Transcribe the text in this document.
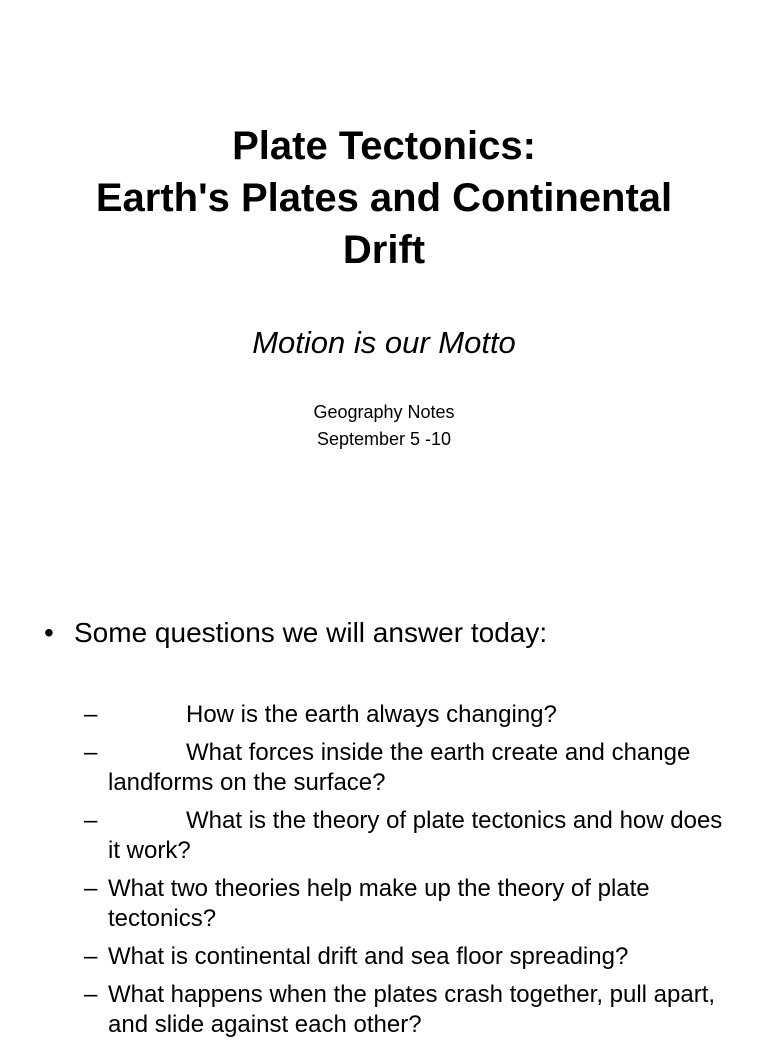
Plate Tectonics:
Earth's Plates and Continental
Drift

Motion is our Motto

Geography Notes
September 5 -10
• Some questions we will answer today:
–	How is the earth always changing?
–	What forces inside the earth create and change landforms on the surface?
–	What is the theory of plate tectonics and how does it work?
– What two theories help make up the theory of plate tectonics?
– What is continental drift and sea floor spreading?
– What happens when the plates crash together, pull apart, and slide against each other?
